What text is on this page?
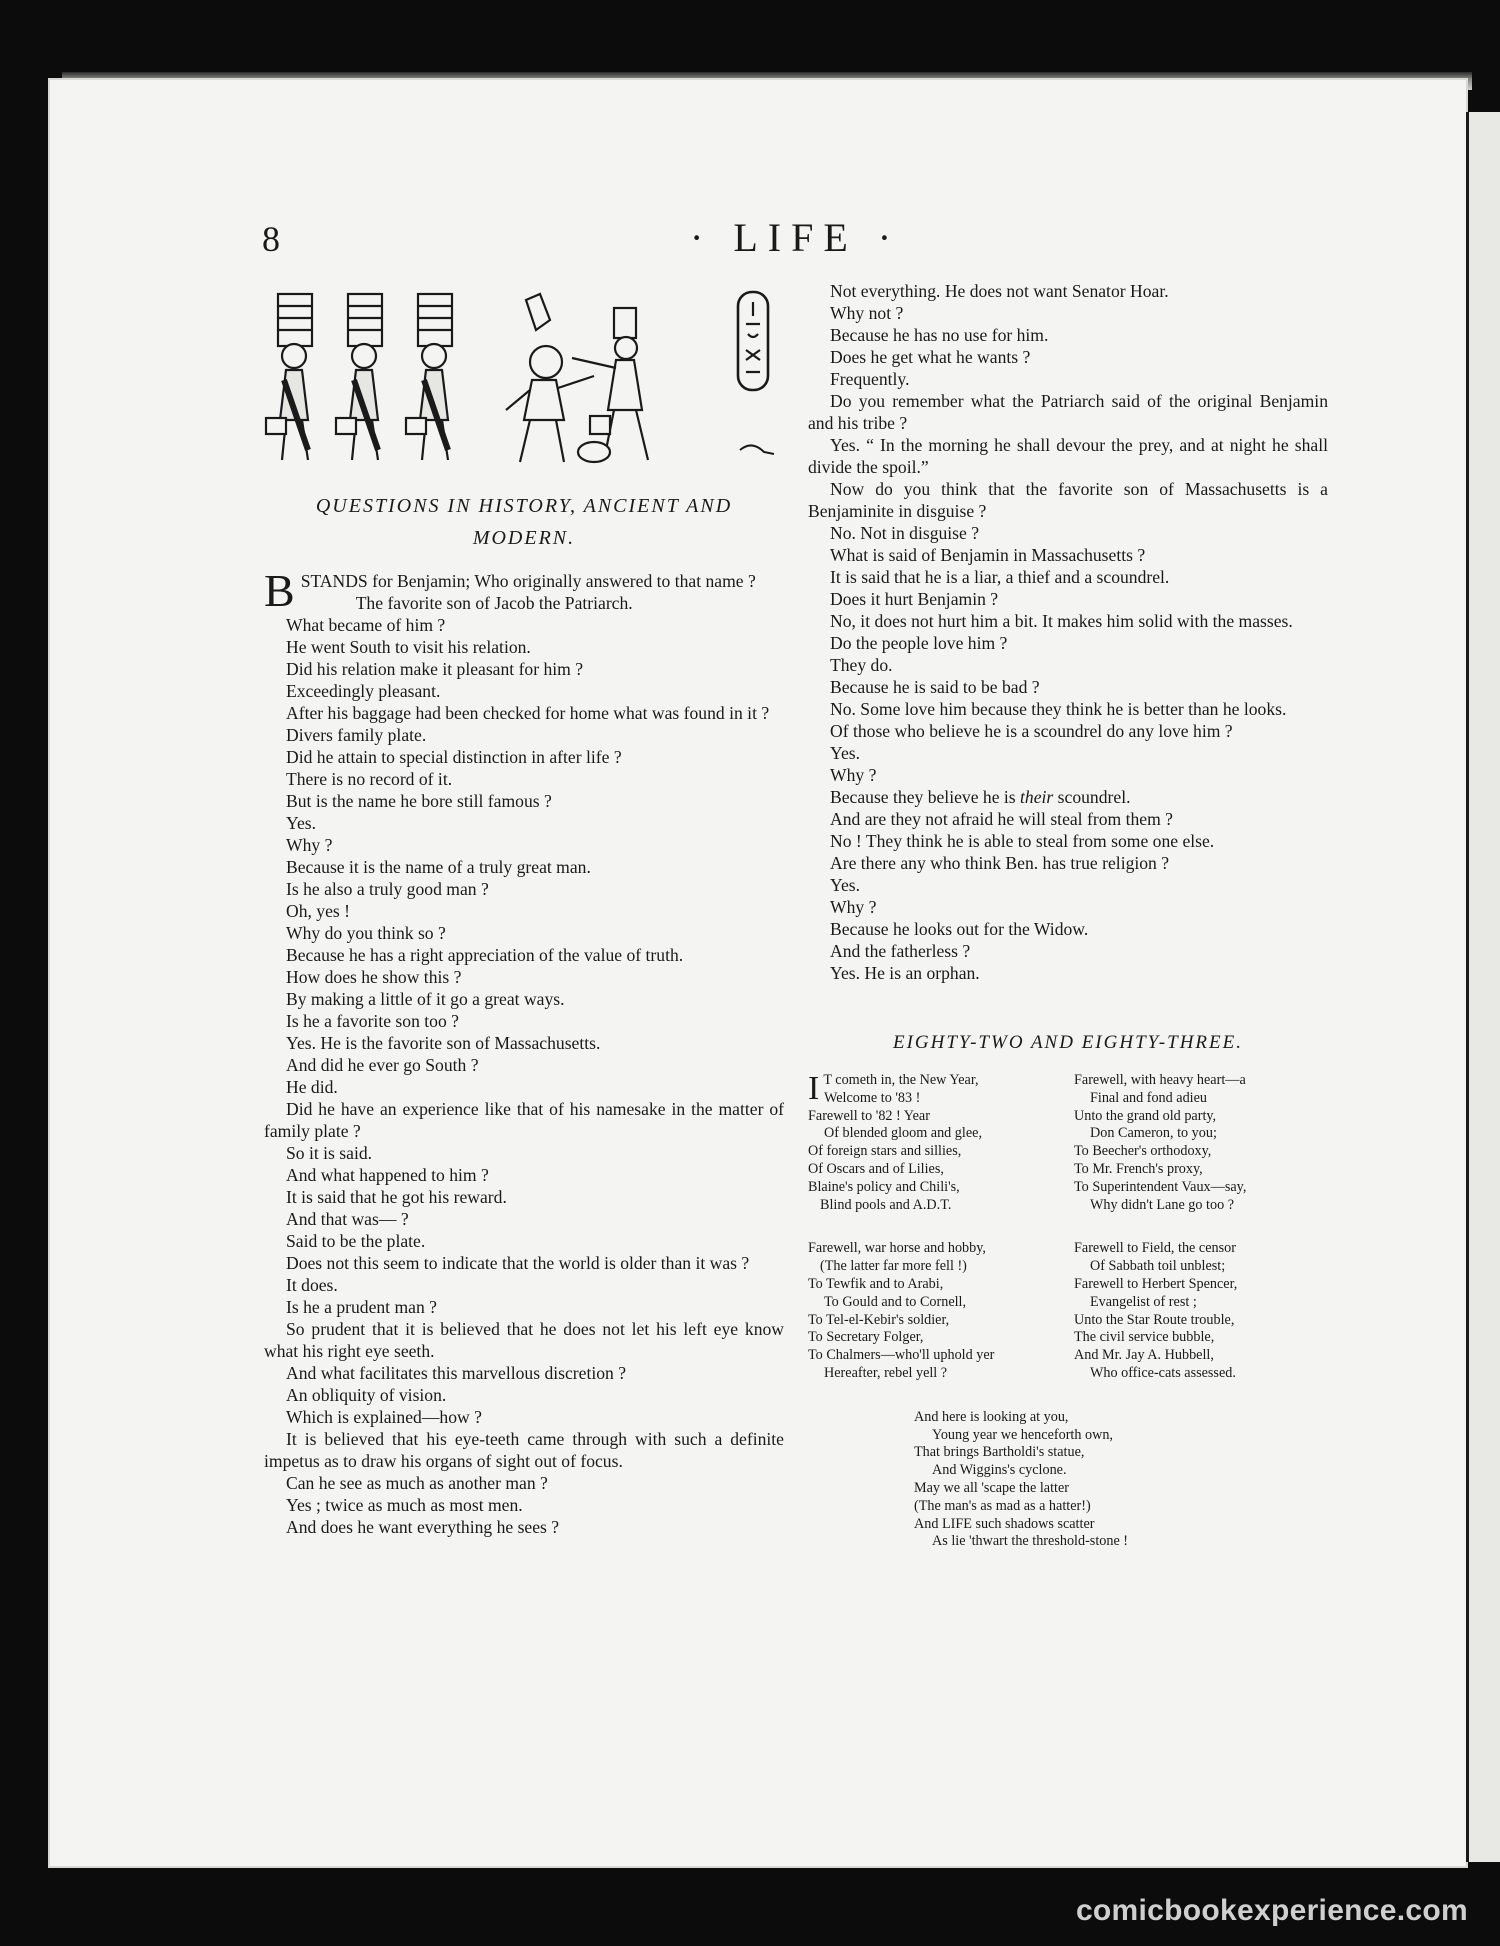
8	· LIFE ·
QUESTIONS IN HISTORY, ANCIENT AND
MODERN.

BSTANDS for Benjamin; Who originally answered to that name ?

The favorite son of Jacob the Patriarch.

What became of him ?

He went South to visit his relation.

Did his relation make it pleasant for him ?

Exceedingly pleasant.

After his baggage had been checked for home what was found in it ?

Divers family plate.

Did he attain to special distinction in after life ?

There is no record of it.

But is the name he bore still famous ?

Yes.

Why ?

Because it is the name of a truly great man.

Is he also a truly good man ?

Oh, yes !

Why do you think so ?

Because he has a right appreciation of the value of truth.

How does he show this ?

By making a little of it go a great ways.

Is he a favorite son too ?

Yes. He is the favorite son of Massachusetts.

And did he ever go South ?

He did.

Did he have an experience like that of his namesake in the matter of family plate ?

So it is said.

And what happened to him ?

It is said that he got his reward.

And that was— ?

Said to be the plate.

Does not this seem to indicate that the world is older than it was ?

It does.

Is he a prudent man ?

So prudent that it is believed that he does not let his left eye know what his right eye seeth.

And what facilitates this marvellous discretion ?

An obliquity of vision.

Which is explained—how ?

It is believed that his eye-teeth came through with such a definite impetus as to draw his organs of sight out of focus.

Can he see as much as another man ?

Yes ; twice as much as most men.

And does he want everything he sees ?

Not everything. He does not want Senator Hoar.

Why not ?

Because he has no use for him.

Does he get what he wants ?

Frequently.

Do you remember what the Patriarch said of the original Benjamin and his tribe ?

Yes. “ In the morning he shall devour the prey, and at night he shall divide the spoil.”

Now do you think that the favorite son of Massachusetts is a Benjaminite in disguise ?

No. Not in disguise ?

What is said of Benjamin in Massachusetts ?

It is said that he is a liar, a thief and a scoundrel.

Does it hurt Benjamin ?

No, it does not hurt him a bit. It makes him solid with the masses.

Do the people love him ?

They do.

Because he is said to be bad ?

No. Some love him because they think he is better than he looks.

Of those who believe he is a scoundrel do any love him ?

Yes.

Why ?

Because they believe he is their scoundrel.

And are they not afraid he will steal from them ?

No ! They think he is able to steal from some one else.

Are there any who think Ben. has true religion ?

Yes.

Why ?

Because he looks out for the Widow.

And the fatherless ?

Yes. He is an orphan.

EIGHTY-TWO AND EIGHTY-THREE.
I T cometh in, the New Year,
Welcome to '83 !
Farewell to '82 ! Year
Of blended gloom and glee,
Of foreign stars and sillies,
Of Oscars and of Lilies,
Blaine's policy and Chili's,
Blind pools and A.D.T.
Farewell, with heavy heart—a
Final and fond adieu
Unto the grand old party,
Don Cameron, to you;
To Beecher's orthodoxy,
To Mr. French's proxy,
To Superintendent Vaux—say,
Why didn't Lane go too ?
Farewell, war horse and hobby,
(The latter far more fell !)
To Tewfik and to Arabi,
To Gould and to Cornell,
To Tel-el-Kebir's soldier,
To Secretary Folger,
To Chalmers—who'll uphold yer
Hereafter, rebel yell ?
Farewell to Field, the censor
Of Sabbath toil unblest;
Farewell to Herbert Spencer,
Evangelist of rest ;
Unto the Star Route trouble,
The civil service bubble,
And Mr. Jay A. Hubbell,
Who office-cats assessed.
And here is looking at you,
Young year we henceforth own,
That brings Bartholdi's statue,
And Wiggins's cyclone.
May we all 'scape the latter
(The man's as mad as a hatter!)
And LIFE such shadows scatter
As lie 'thwart the threshold-stone !
comicbookexperience.com
